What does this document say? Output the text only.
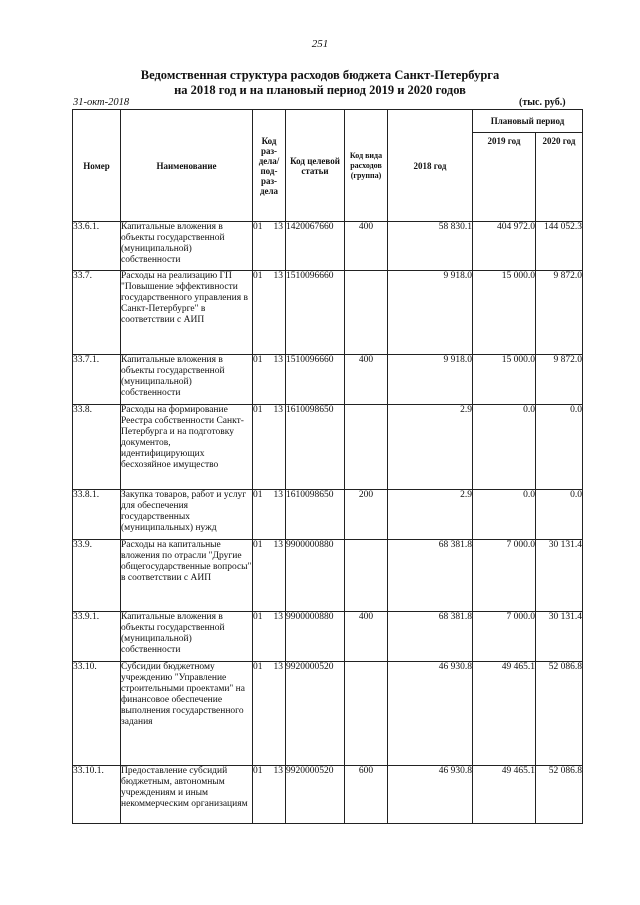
251
Ведомственная структура расходов бюджета Санкт-Петербурга
на 2018 год и на плановый период 2019 и 2020 годов
31-окт-2018	(тыс. руб.)
Номер	Наименование	Код раз-дела/ под-раз-дела	Код целевой статьи	Код вида расходов (группа)	2018 год	Плановый период	
						2019 год	2020 год
33.6.1.	Капитальные вложения в объекты государственной (муниципальной) собственности	01 13	1420067660	400	58 830.1	404 972.0	144 052.3
33.7.	Расходы на реализацию ГП "Повышение эффективности государственного управления в Санкт-Петербурге" в соответствии с АИП	01 13	1510096660		9 918.0	15 000.0	9 872.0
33.7.1.	Капитальные вложения в объекты государственной (муниципальной) собственности	01 13	1510096660	400	9 918.0	15 000.0	9 872.0
33.8.	Расходы на формирование Реестра собственности Санкт-Петербурга и на подготовку документов, идентифицирующих бесхозяйное имущество	01 13	1610098650		2.9	0.0	0.0
33.8.1.	Закупка товаров, работ и услуг для обеспечения государственных (муниципальных) нужд	01 13	1610098650	200	2.9	0.0	0.0
33.9.	Расходы на капитальные вложения по отрасли "Другие общегосударственные вопросы" в соответствии с АИП	01 13	9900000880		68 381.8	7 000.0	30 131.4
33.9.1.	Капитальные вложения в объекты государственной (муниципальной) собственности	01 13	9900000880	400	68 381.8	7 000.0	30 131.4
33.10.	Субсидии бюджетному учреждению "Управление строительными проектами" на финансовое обеспечение выполнения государственного задания	01 13	9920000520		46 930.8	49 465.1	52 086.8
33.10.1.	Предоставление субсидий бюджетным, автономным учреждениям и иным некоммерческим организациям	01 13	9920000520	600	46 930.8	49 465.1	52 086.8
